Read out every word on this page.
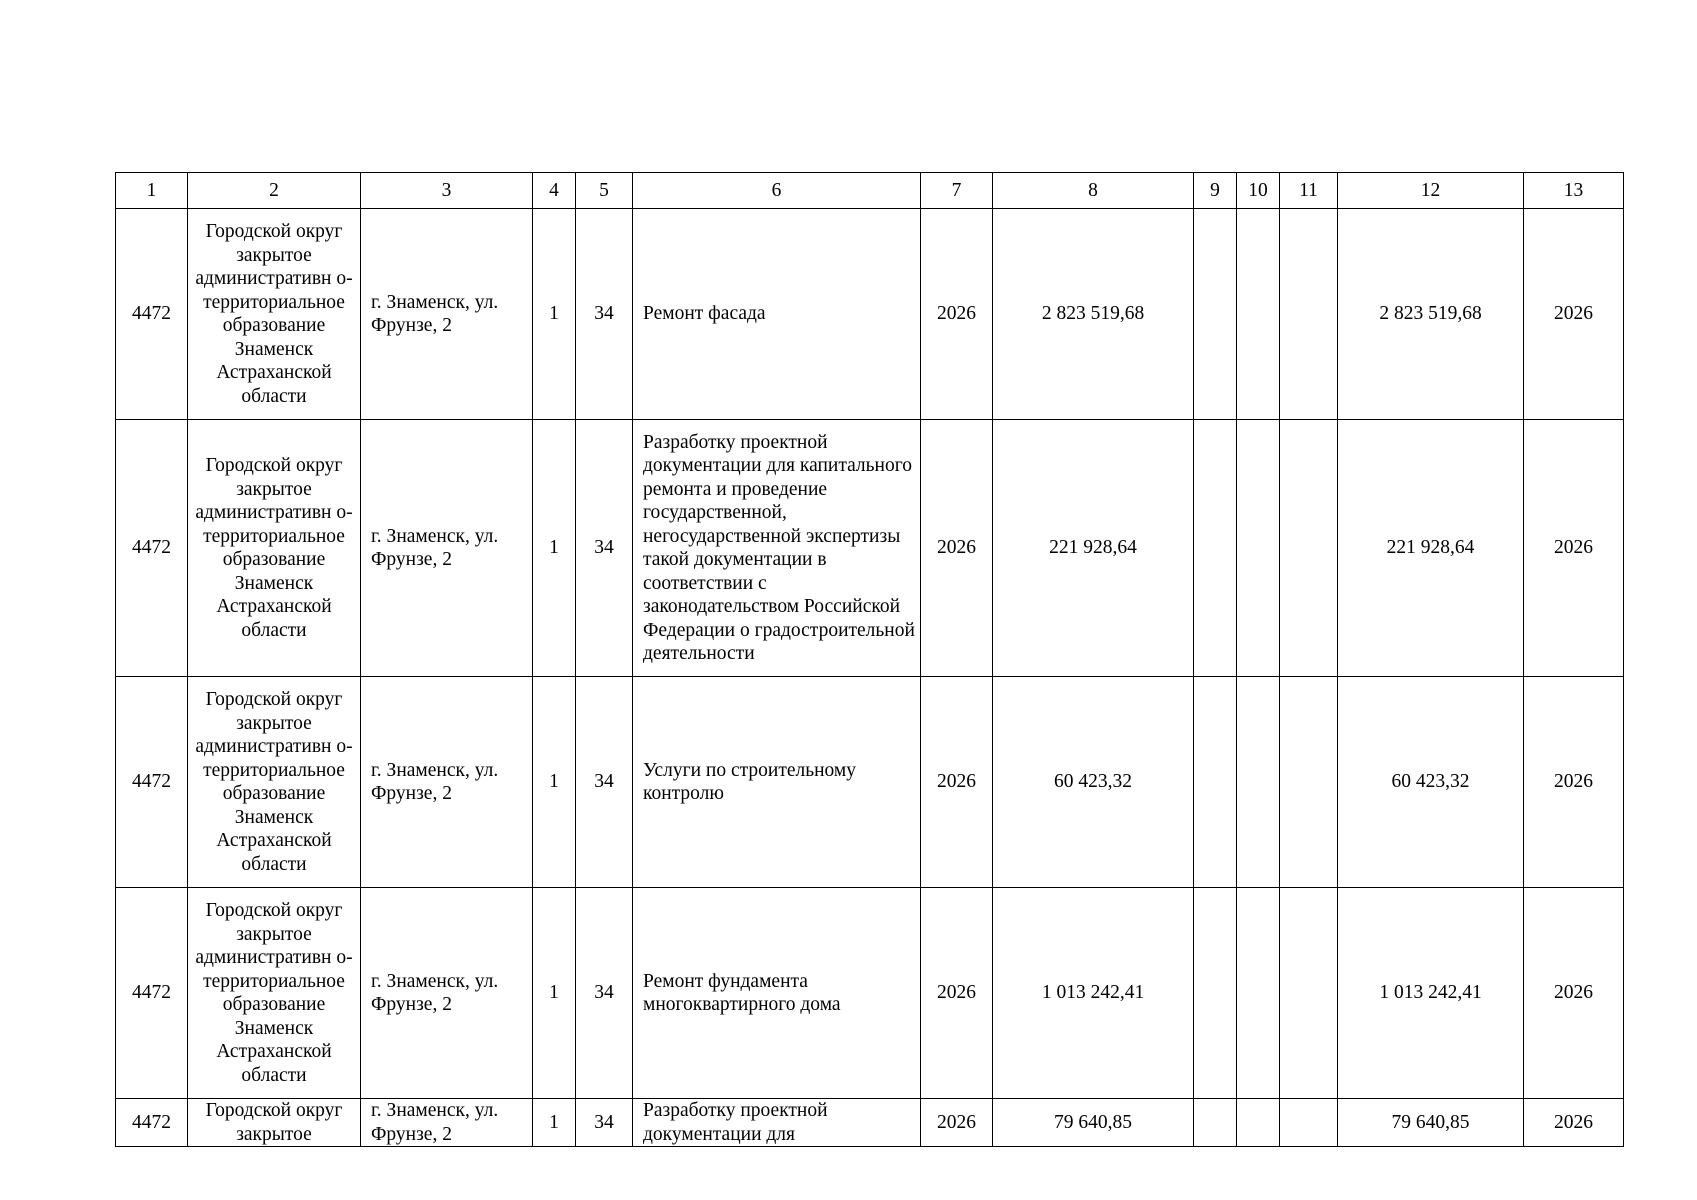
1	2	3	4	5	6	7	8	9	10	11	12	13
4472	Городской округ закрытое административн о-территориальное образование Знаменск Астраханской области	г. Знаменск, ул. Фрунзе, 2	1	34	Ремонт фасада	2026	2 823 519,68				2 823 519,68	2026
4472	Городской округ закрытое административн о-территориальное образование Знаменск Астраханской области	г. Знаменск, ул. Фрунзе, 2	1	34	Разработку проектной документации для капитального ремонта и проведение государственной, негосударственной экспертизы такой документации в соответствии с законодательством Российской Федерации о градостроительной деятельности	2026	221 928,64				221 928,64	2026
4472	Городской округ закрытое административн о-территориальное образование Знаменск Астраханской области	г. Знаменск, ул. Фрунзе, 2	1	34	Услуги по строительному контролю	2026	60 423,32				60 423,32	2026
4472	Городской округ закрытое административн о-территориальное образование Знаменск Астраханской области	г. Знаменск, ул. Фрунзе, 2	1	34	Ремонт фундамента многоквартирного дома	2026	1 013 242,41				1 013 242,41	2026
4472	Городской округ закрытое	г. Знаменск, ул. Фрунзе, 2	1	34	Разработку проектной документации для	2026	79 640,85				79 640,85	2026
